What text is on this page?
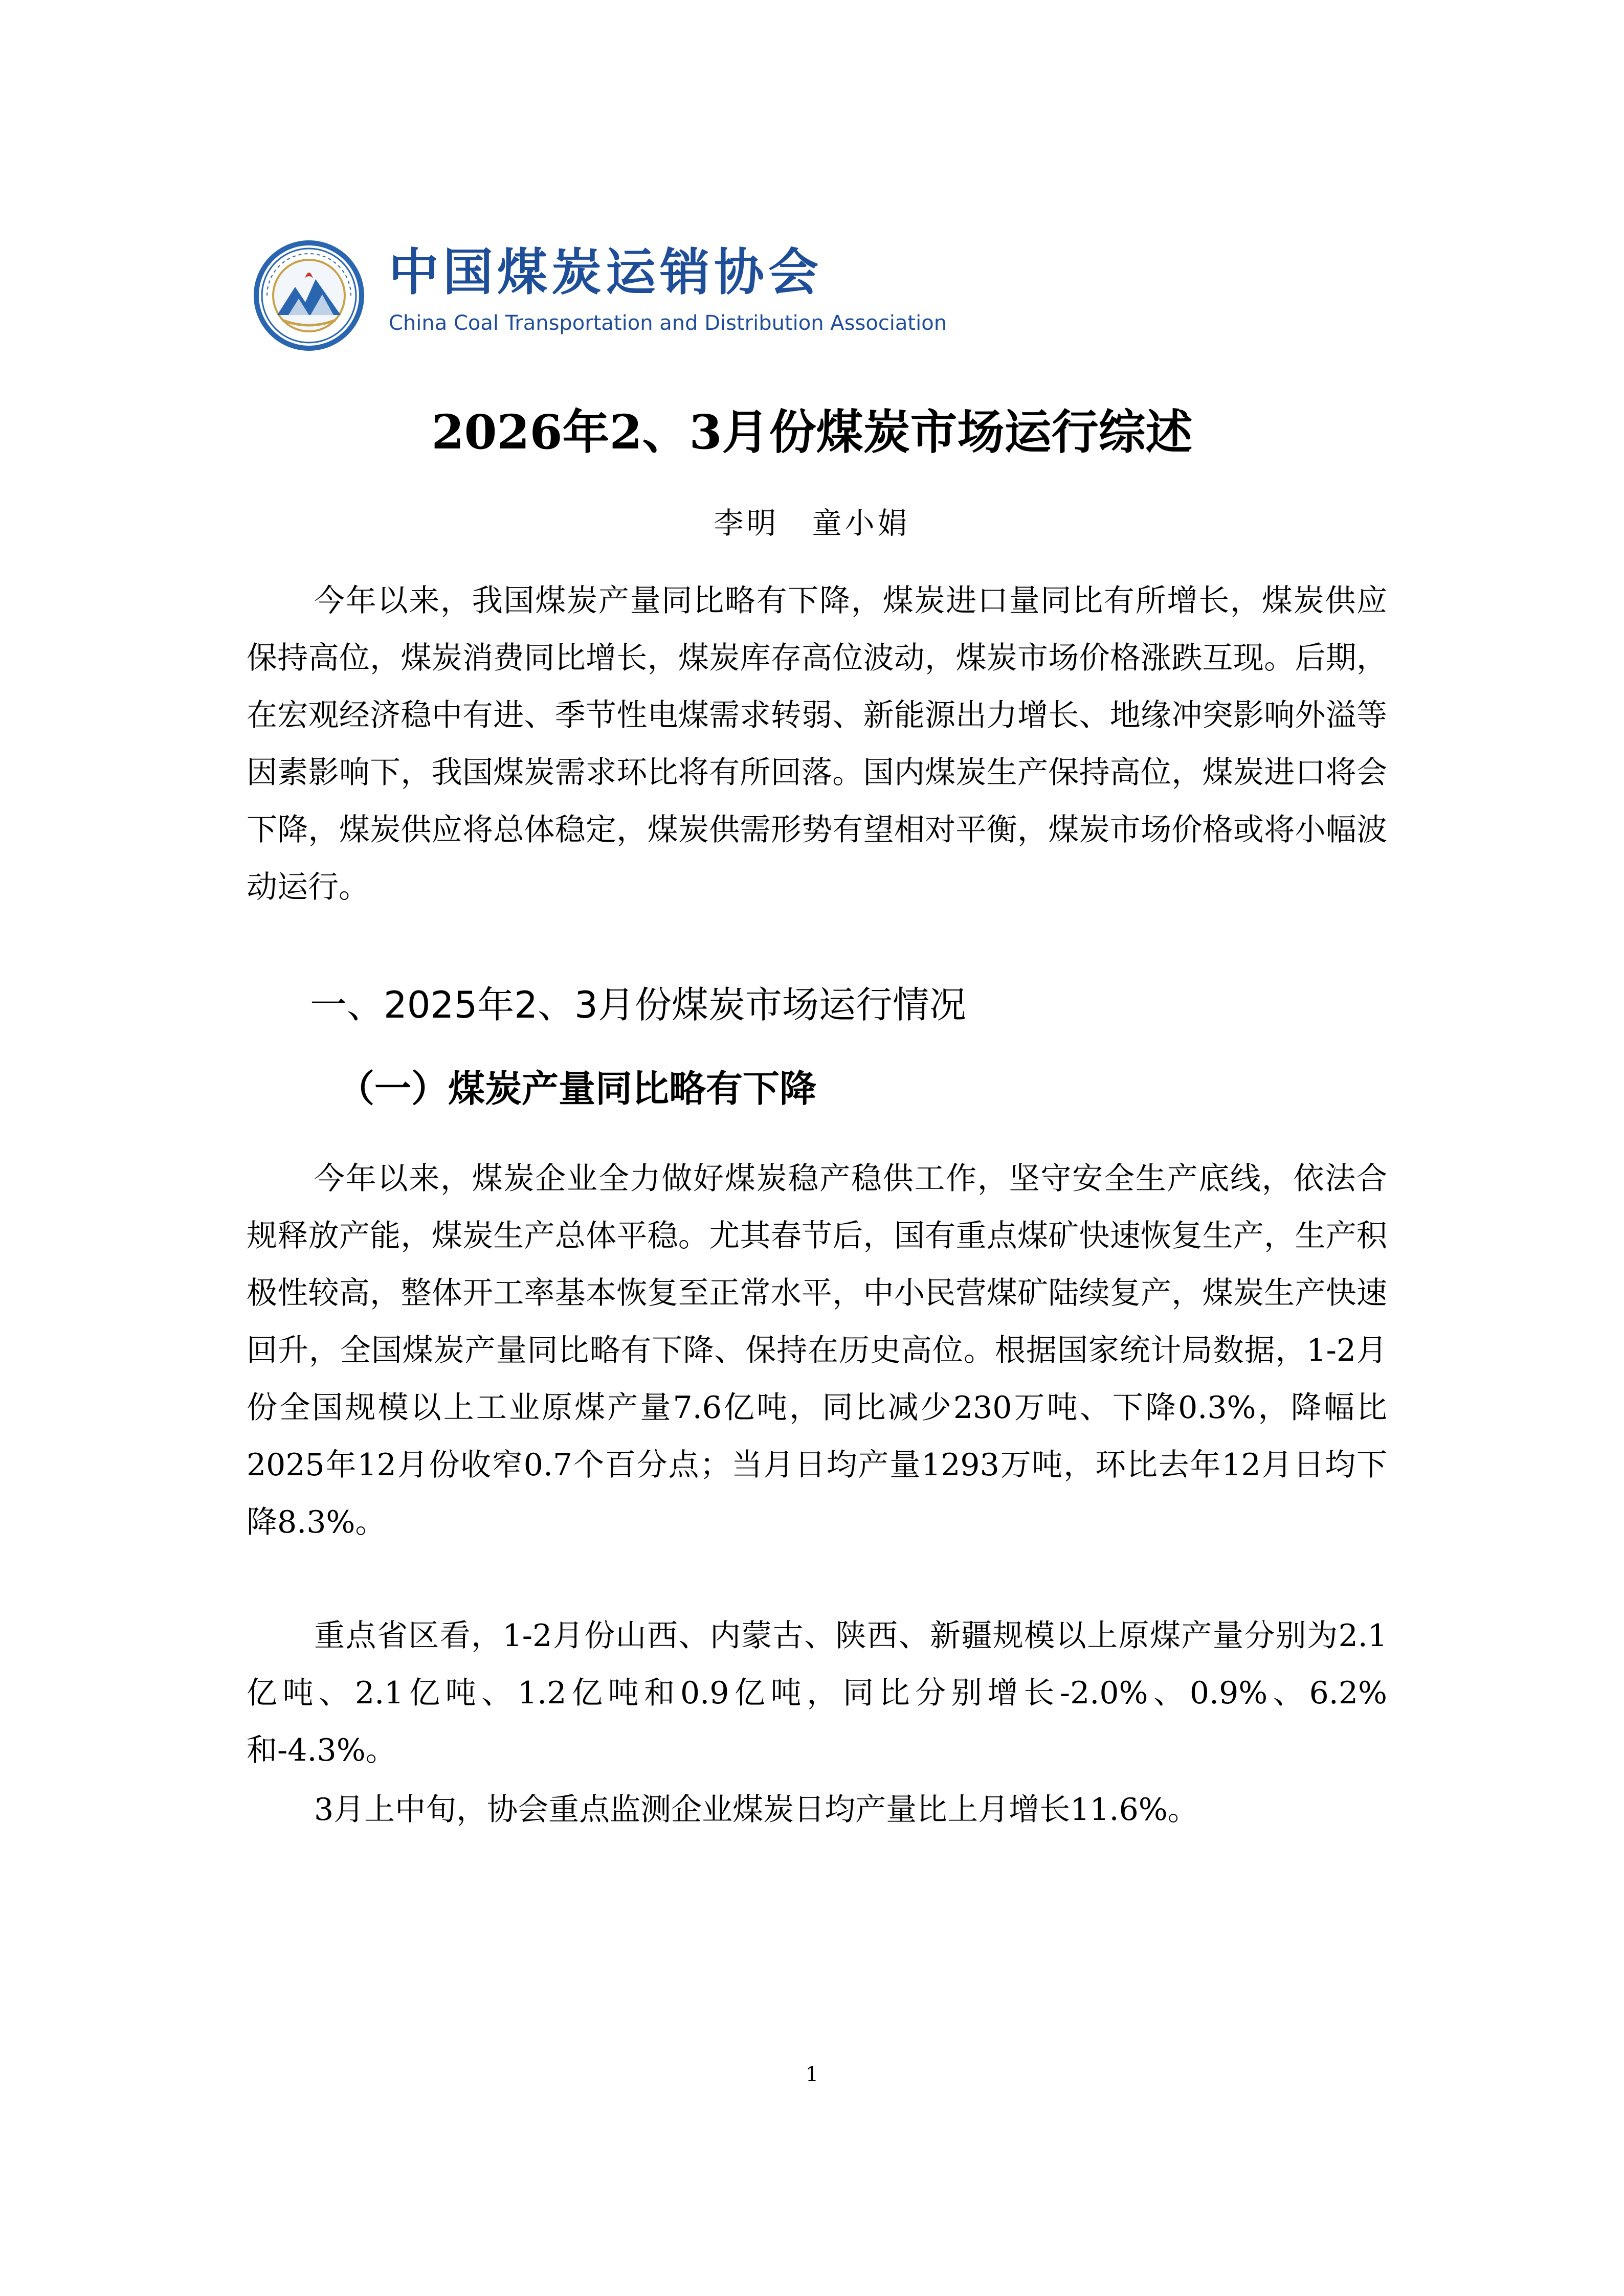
中国煤炭运销协会
China Coal Transportation and Distribution Association
2026年2、3月份煤炭市场运行综述
李明　童小娟

今年以来，我国煤炭产量同比略有下降，煤炭进口量同比有所增长，煤炭供应保持高位，煤炭消费同比增长，煤炭库存高位波动，煤炭市场价格涨跌互现。后期，在宏观经济稳中有进、季节性电煤需求转弱、新能源出力增长、地缘冲突影响外溢等因素影响下，我国煤炭需求环比将有所回落。国内煤炭生产保持高位，煤炭进口将会下降，煤炭供应将总体稳定，煤炭供需形势有望相对平衡，煤炭市场价格或将小幅波动运行。

一、2025年2、3月份煤炭市场运行情况
（一）煤炭产量同比略有下降

今年以来，煤炭企业全力做好煤炭稳产稳供工作，坚守安全生产底线，依法合规释放产能，煤炭生产总体平稳。尤其春节后，国有重点煤矿快速恢复生产，生产积极性较高，整体开工率基本恢复至正常水平，中小民营煤矿陆续复产，煤炭生产快速回升，全国煤炭产量同比略有下降、保持在历史高位。根据国家统计局数据，1-2月份全国规模以上工业原煤产量7.6亿吨，同比减少230万吨、下降0.3%，降幅比2025年12月份收窄0.7个百分点；当月日均产量1293万吨，环比去年12月日均下降8.3%。

重点省区看，1-2月份山西、内蒙古、陕西、新疆规模以上原煤产量分别为2.1亿吨、2.1亿吨、1.2亿吨和0.9亿吨，同比分别增长-2.0%、0.9%、6.2%和-4.3%。

3月上中旬，协会重点监测企业煤炭日均产量比上月增长11.6%。

1
